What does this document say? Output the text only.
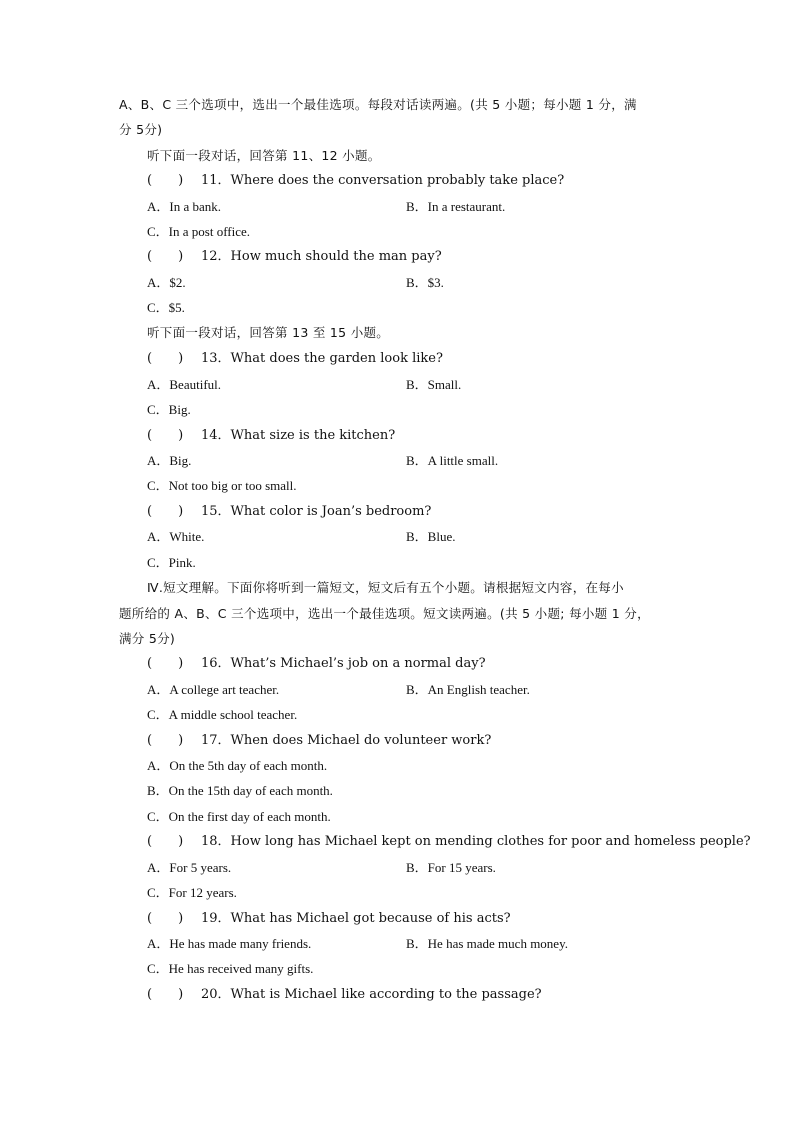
A、B、C 三个选项中，选出一个最佳选项。每段对话读两遍。(共 5 小题；每小题 1 分，满
分 5分)
听下面一段对话，回答第 11、12 小题。
(　　) 11．Where does the conversation probably take place?
A．In a bank.	B．In a restaurant.
C．In a post office.
(　　) 12．How much should the man pay?
A．$2.	B．$3.
C．$5.
听下面一段对话，回答第 13 至 15 小题。
(　　) 13．What does the garden look like?
A．Beautiful.	B．Small.
C．Big.
(　　) 14．What size is the kitchen?
A．Big.	B．A little small.
C．Not too big or too small.
(　　) 15．What color is Joan’s bedroom?
A．White.	B．Blue.
C．Pink.
Ⅳ.短文理解。下面你将听到一篇短文，短文后有五个小题。请根据短文内容，在每小
题所给的 A、B、C 三个选项中，选出一个最佳选项。短文读两遍。(共 5 小题; 每小题 1 分，
满分 5分)
(　　) 16．What’s Michael’s job on a normal day?
A．A college art teacher.	B．An English teacher.
C．A middle school teacher.
(　　) 17．When does Michael do volunteer work?
A．On the 5th day of each month.
B．On the 15th day of each month.
C．On the first day of each month.
(　　) 18．How long has Michael kept on mending clothes for poor and homeless people?
A．For 5 years.	B．For 15 years.
C．For 12 years.
(　　) 19．What has Michael got because of his acts?
A．He has made many friends.	B．He has made much money.
C．He has received many gifts.
(　　) 20．What is Michael like according to the passage?
